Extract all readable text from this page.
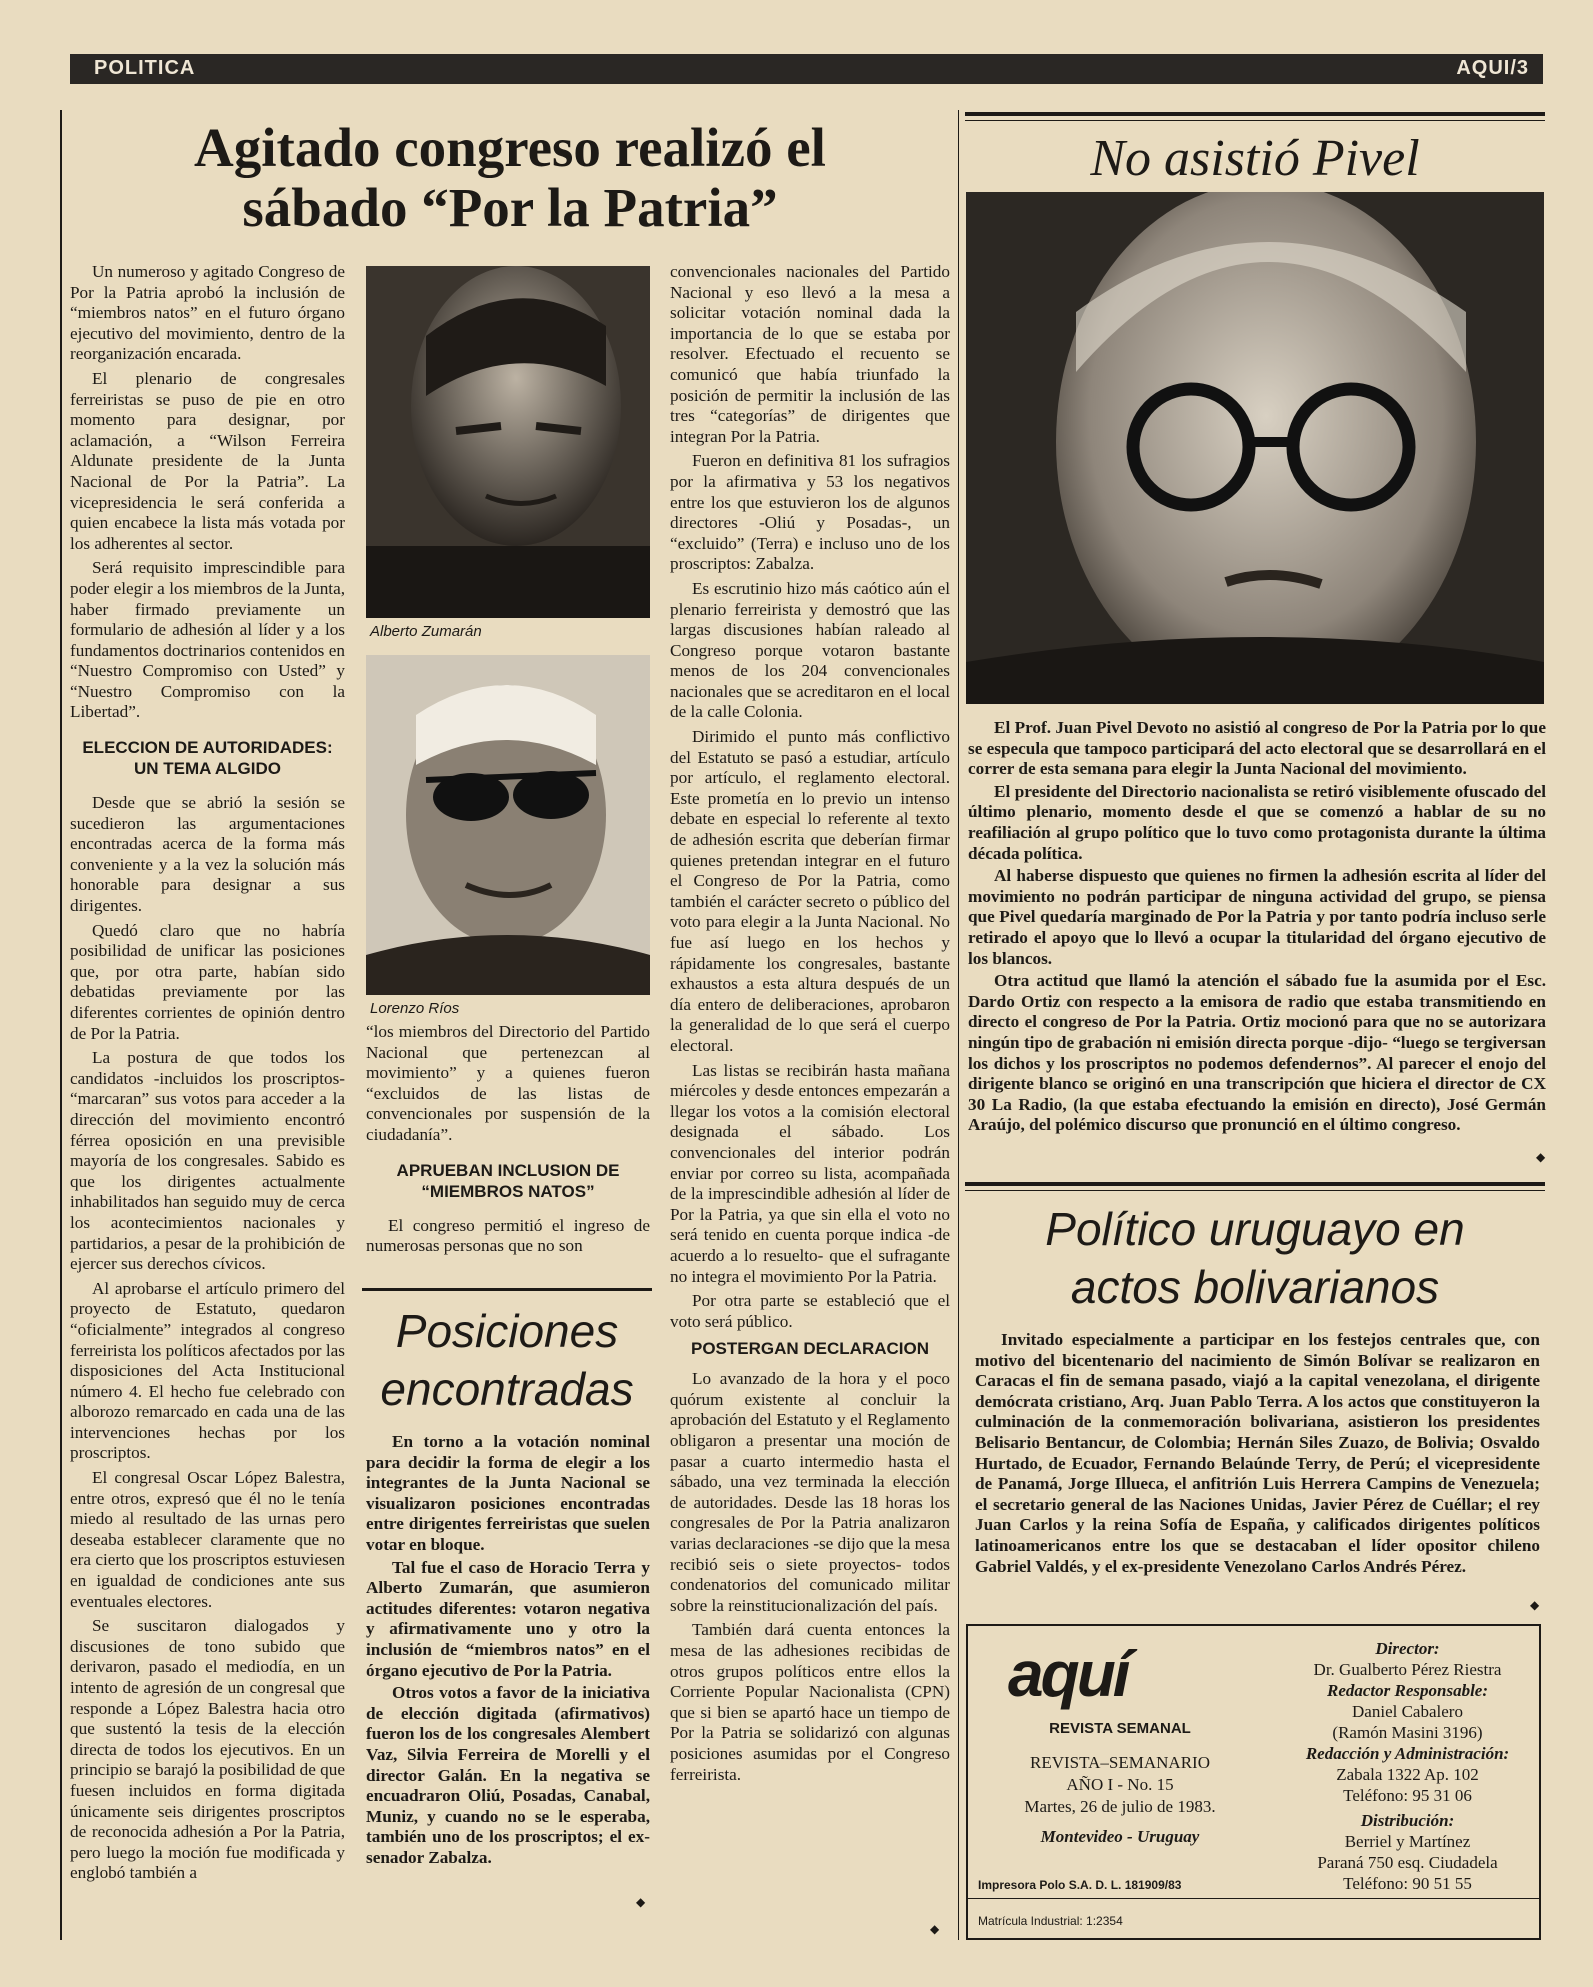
POLITICA	AQUI/3
Agitado congreso realizó el
sábado “Por la Patria”

Un numeroso y agitado Congreso de Por la Patria aprobó la inclusión de “miembros natos” en el futuro órgano ejecutivo del movimiento, dentro de la reorganización encarada.

El plenario de congresales ferreiristas se puso de pie en otro momento para designar, por aclamación, a “Wilson Ferreira Aldunate presidente de la Junta Nacional de Por la Patria”. La vicepresidencia le será conferida a quien encabece la lista más votada por los adherentes al sector.

Será requisito imprescindible para poder elegir a los miembros de la Junta, haber firmado previamente un formulario de adhesión al líder y a los fundamentos doctrinarios contenidos en “Nuestro Compromiso con Usted” y “Nuestro Compromiso con la Libertad”.

ELECCION DE AUTORIDADES: UN TEMA ALGIDO

Desde que se abrió la sesión se sucedieron las argumentaciones encontradas acerca de la forma más conveniente y a la vez la solución más honorable para designar a sus dirigentes.

Quedó claro que no habría posibilidad de unificar las posiciones que, por otra parte, habían sido debatidas previamente por las diferentes corrientes de opinión dentro de Por la Patria.

La postura de que todos los candidatos -incluidos los proscriptos- “marcaran” sus votos para acceder a la dirección del movimiento encontró férrea oposición en una previsible mayoría de los congresales. Sabido es que los dirigentes actualmente inhabilitados han seguido muy de cerca los acontecimientos nacionales y partidarios, a pesar de la prohibición de ejercer sus derechos cívicos.

Al aprobarse el artículo primero del proyecto de Estatuto, quedaron “oficialmente” integrados al congreso ferreirista los políticos afectados por las disposiciones del Acta Institucional número 4. El hecho fue celebrado con alborozo remarcado en cada una de las intervenciones hechas por los proscriptos.

El congresal Oscar López Balestra, entre otros, expresó que él no le tenía miedo al resultado de las urnas pero deseaba establecer claramente que no era cierto que los proscriptos estuviesen en igualdad de condiciones ante sus eventuales electores.

Se suscitaron dialogados y discusiones de tono subido que derivaron, pasado el mediodía, en un intento de agresión de un congresal que responde a López Balestra hacia otro que sustentó la tesis de la elección directa de todos los ejecutivos. En un principio se barajó la posibilidad de que fuesen incluidos en forma digitada únicamente seis dirigentes proscriptos de reconocida adhesión a Por la Patria, pero luego la moción fue modificada y englobó también a

Alberto Zumarán
Lorenzo Ríos

“los miembros del Directorio del Partido Nacional que pertenezcan al movimiento” y a quienes fueron “excluidos de las listas de convencionales por suspensión de la ciudadanía”.

APRUEBAN INCLUSION DE “MIEMBROS NATOS”

El congreso permitió el ingreso de numerosas personas que no son

Posiciones
encontradas

En torno a la votación nominal para decidir la forma de elegir a los integrantes de la Junta Nacional se visualizaron posiciones encontradas entre dirigentes ferreiristas que suelen votar en bloque.

Tal fue el caso de Horacio Terra y Alberto Zumarán, que asumieron actitudes diferentes: votaron negativa y afirmativamente uno y otro la inclusión de “miembros natos” en el órgano ejecutivo de Por la Patria.

Otros votos a favor de la iniciativa de elección digitada (afirmativos) fueron los de los congresales Alembert Vaz, Silvia Ferreira de Morelli y el director Galán. En la negativa se encuadraron Oliú, Posadas, Canabal, Muniz, y cuando no se le esperaba, también uno de los proscriptos; el ex-senador Zabalza.

◆

convencionales nacionales del Partido Nacional y eso llevó a la mesa a solicitar votación nominal dada la importancia de lo que se estaba por resolver. Efectuado el recuento se comunicó que había triunfado la posición de permitir la inclusión de las tres “categorías” de dirigentes que integran Por la Patria.

Fueron en definitiva 81 los sufragios por la afirmativa y 53 los negativos entre los que estuvieron los de algunos directores -Oliú y Posadas-, un “excluido” (Terra) e incluso uno de los proscriptos: Zabalza.

Es escrutinio hizo más caótico aún el plenario ferreirista y demostró que las largas discusiones habían raleado al Congreso porque votaron bastante menos de los 204 convencionales nacionales que se acreditaron en el local de la calle Colonia.

Dirimido el punto más conflictivo del Estatuto se pasó a estudiar, artículo por artículo, el reglamento electoral. Este prometía en lo previo un intenso debate en especial lo referente al texto de adhesión escrita que deberían firmar quienes pretendan integrar en el futuro el Congreso de Por la Patria, como también el carácter secreto o público del voto para elegir a la Junta Nacional. No fue así luego en los hechos y rápidamente los congresales, bastante exhaustos a esta altura después de un día entero de deliberaciones, aprobaron la generalidad de lo que será el cuerpo electoral.

Las listas se recibirán hasta mañana miércoles y desde entonces empezarán a llegar los votos a la comisión electoral designada el sábado. Los convencionales del interior podrán enviar por correo su lista, acompañada de la imprescindible adhesión al líder de Por la Patria, ya que sin ella el voto no será tenido en cuenta porque indica -de acuerdo a lo resuelto- que el sufragante no integra el movimiento Por la Patria.

Por otra parte se estableció que el voto será público.

POSTERGAN DECLARACION

Lo avanzado de la hora y el poco quórum existente al concluir la aprobación del Estatuto y el Reglamento obligaron a presentar una moción de pasar a cuarto intermedio hasta el sábado, una vez terminada la elección de autoridades. Desde las 18 horas los congresales de Por la Patria analizaron varias declaraciones -se dijo que la mesa recibió seis o siete proyectos- todos condenatorios del comunicado militar sobre la reinstitucionalización del país.

También dará cuenta entonces la mesa de las adhesiones recibidas de otros grupos políticos entre ellos la Corriente Popular Nacionalista (CPN) que si bien se apartó hace un tiempo de Por la Patria se solidarizó con algunas posiciones asumidas por el Congreso ferreirista.

◆
No asistió Pivel

El Prof. Juan Pivel Devoto no asistió al congreso de Por la Patria por lo que se especula que tampoco participará del acto electoral que se desarrollará en el correr de esta semana para elegir la Junta Nacional del movimiento.

El presidente del Directorio nacionalista se retiró visiblemente ofuscado del último plenario, momento desde el que se comenzó a hablar de su no reafiliación al grupo político que lo tuvo como protagonista durante la última década política.

Al haberse dispuesto que quienes no firmen la adhesión escrita al líder del movimiento no podrán participar de ninguna actividad del grupo, se piensa que Pivel quedaría marginado de Por la Patria y por tanto podría incluso serle retirado el apoyo que lo llevó a ocupar la titularidad del órgano ejecutivo de los blancos.

Otra actitud que llamó la atención el sábado fue la asumida por el Esc. Dardo Ortiz con respecto a la emisora de radio que estaba transmitiendo en directo el congreso de Por la Patria. Ortiz mocionó para que no se autorizara ningún tipo de grabación ni emisión directa porque -dijo- “luego se tergiversan los dichos y los proscriptos no podemos defendernos”. Al parecer el enojo del dirigente blanco se originó en una transcripción que hiciera el director de CX 30 La Radio, (la que estaba efectuando la emisión en directo), José Germán Araújo, del polémico discurso que pronunció en el último congreso.

◆
Político uruguayo en
actos bolivarianos

Invitado especialmente a participar en los festejos centrales que, con motivo del bicentenario del nacimiento de Simón Bolívar se realizaron en Caracas el fin de semana pasado, viajó a la capital venezolana, el dirigente demócrata cristiano, Arq. Juan Pablo Terra. A los actos que constituyeron la culminación de la conmemoración bolivariana, asistieron los presidentes Belisario Bentancur, de Colombia; Hernán Siles Zuazo, de Bolivia; Osvaldo Hurtado, de Ecuador, Fernando Belaúnde Terry, de Perú; el vicepresidente de Panamá, Jorge Illueca, el anfitrión Luis Herrera Campins de Venezuela; el secretario general de las Naciones Unidas, Javier Pérez de Cuéllar; el rey Juan Carlos y la reina Sofía de España, y calificados dirigentes políticos latinoamericanos entre los que se destacaban el líder opositor chileno Gabriel Valdés, y el ex-presidente Venezolano Carlos Andrés Pérez.

◆
aquí
REVISTA SEMANAL
REVISTA–SEMANARIO
AÑO I - No. 15
Martes, 26 de julio de 1983.
Montevideo - Uruguay
Impresora Polo S.A. D. L. 181909/83
Matrícula Industrial: 1:2354
Director:
Dr. Gualberto Pérez Riestra
Redactor Responsable:
Daniel Cabalero
(Ramón Masini 3196)
Redacción y Administración:
Zabala 1322 Ap. 102
Teléfono: 95 31 06
Distribución:
Berriel y Martínez
Paraná 750 esq. Ciudadela
Teléfono: 90 51 55
